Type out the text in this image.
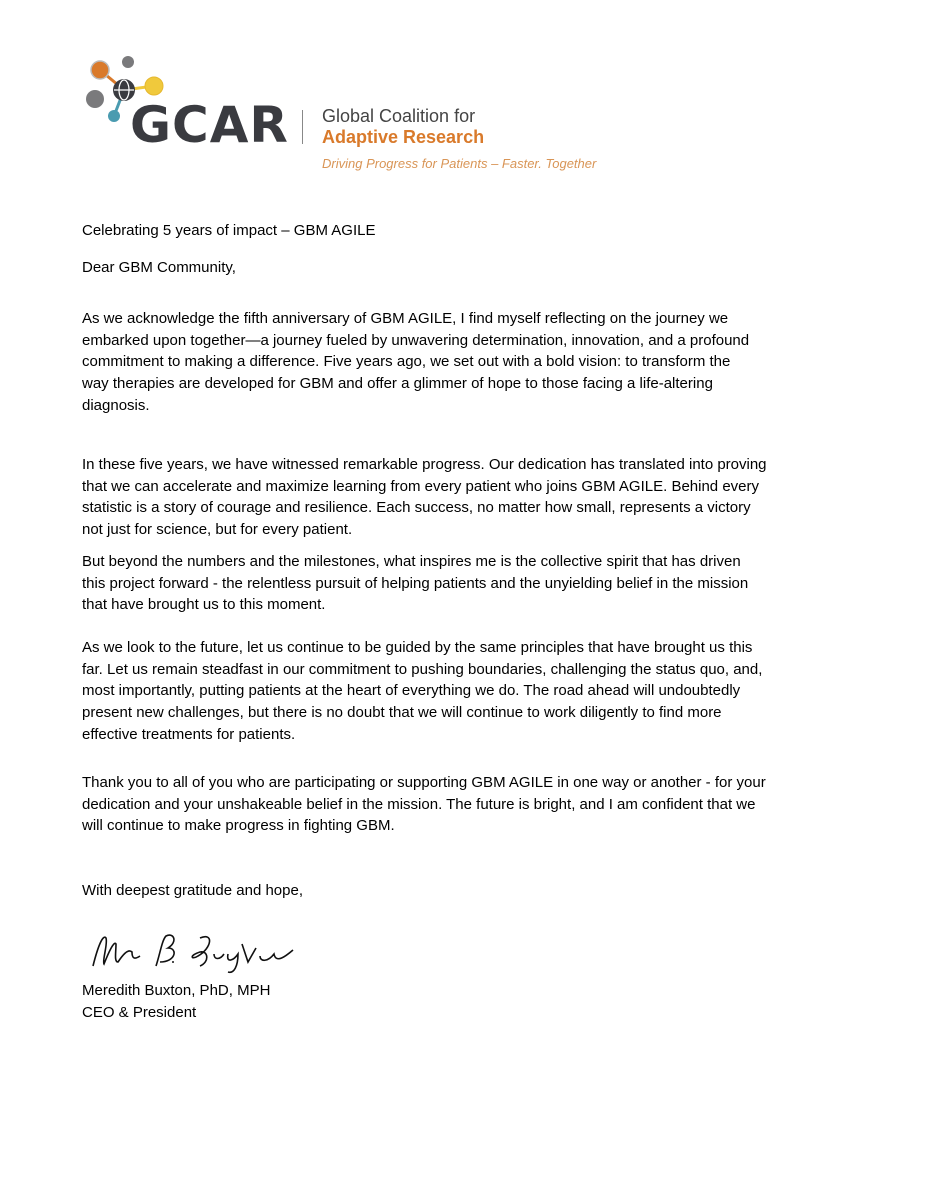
GCAR Global Coalition for
Adaptive Research
Driving Progress for Patients – Faster. Together
Celebrating 5 years of impact – GBM AGILE
Dear GBM Community,
As we acknowledge the fifth anniversary of GBM AGILE, I find myself reflecting on the journey we
embarked upon together—a journey fueled by unwavering determination, innovation, and a profound
commitment to making a difference. Five years ago, we set out with a bold vision: to transform the
way therapies are developed for GBM and offer a glimmer of hope to those facing a life-altering
diagnosis.
In these five years, we have witnessed remarkable progress. Our dedication has translated into proving
that we can accelerate and maximize learning from every patient who joins GBM AGILE. Behind every
statistic is a story of courage and resilience. Each success, no matter how small, represents a victory
not just for science, but for every patient.
But beyond the numbers and the milestones, what inspires me is the collective spirit that has driven
this project forward - the relentless pursuit of helping patients and the unyielding belief in the mission
that have brought us to this moment.
As we look to the future, let us continue to be guided by the same principles that have brought us this
far. Let us remain steadfast in our commitment to pushing boundaries, challenging the status quo, and,
most importantly, putting patients at the heart of everything we do. The road ahead will undoubtedly
present new challenges, but there is no doubt that we will continue to work diligently to find more
effective treatments for patients.
Thank you to all of you who are participating or supporting GBM AGILE in one way or another - for your
dedication and your unshakeable belief in the mission. The future is bright, and I am confident that we
will continue to make progress in fighting GBM.
With deepest gratitude and hope,
Meredith Buxton, PhD, MPH
CEO & President
